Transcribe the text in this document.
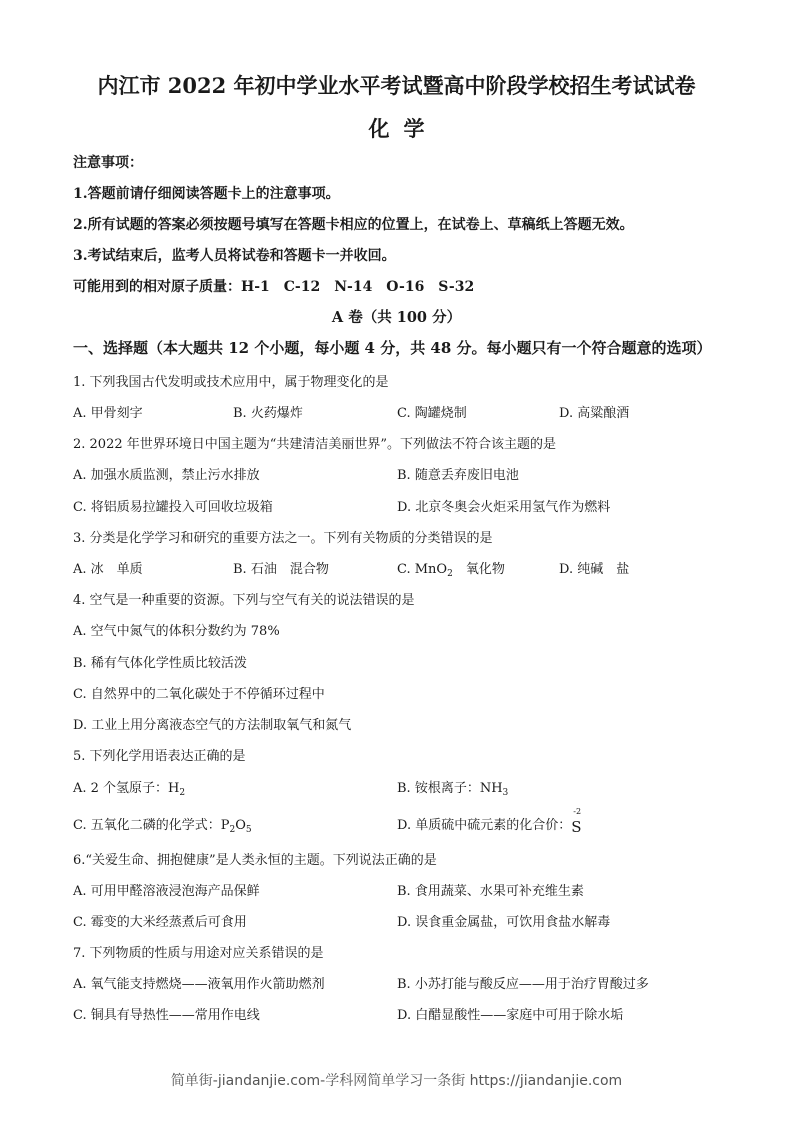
内江市 2022 年初中学业水平考试暨高中阶段学校招生考试试卷
化学
注意事项：
1.答题前请仔细阅读答题卡上的注意事项。
2.所有试题的答案必须按题号填写在答题卡相应的位置上，在试卷上、草稿纸上答题无效。
3.考试结束后，监考人员将试卷和答题卡一并收回。
可能用到的相对原子质量：H-1　C-12　N-14　O-16　S-32
A 卷（共 100 分）
一、选择题（本大题共 12 个小题，每小题 4 分，共 48 分。每小题只有一个符合题意的选项）
1. 下列我国古代发明或技术应用中，属于物理变化的是
A. 甲骨刻字	B. 火药爆炸	C. 陶罐烧制	D. 高粱酿酒
2. 2022 年世界环境日中国主题为“共建清洁美丽世界”。下列做法不符合该主题的是
A. 加强水质监测，禁止污水排放	B. 随意丢弃废旧电池
C. 将铝质易拉罐投入可回收垃圾箱	D. 北京冬奥会火炬采用氢气作为燃料
3. 分类是化学学习和研究的重要方法之一。下列有关物质的分类错误的是
A. 冰　单质	B. 石油　混合物	C. MnO$_2$　氧化物	D. 纯碱　盐
4. 空气是一种重要的资源。下列与空气有关的说法错误的是
A. 空气中氮气的体积分数约为 78%
B. 稀有气体化学性质比较活泼
C. 自然界中的二氧化碳处于不停循环过程中
D. 工业上用分离液态空气的方法制取氧气和氮气
5. 下列化学用语表达正确的是
A. 2 个氢原子：$H_2$	B. 铵根离子：$NH_3$
C. 五氧化二磷的化学式：$P_2O_5$	D. 单质硫中硫元素的化合价：
-2
S
6.“关爱生命、拥抱健康”是人类永恒的主题。下列说法正确的是
A. 可用甲醛溶液浸泡海产品保鲜	B. 食用蔬菜、水果可补充维生素
C. 霉变的大米经蒸煮后可食用	D. 误食重金属盐，可饮用食盐水解毒
7. 下列物质的性质与用途对应关系错误的是
A. 氧气能支持燃烧——液氧用作火箭助燃剂	B. 小苏打能与酸反应——用于治疗胃酸过多
C. 铜具有导热性——常用作电线	D. 白醋显酸性——家庭中可用于除水垢
简单街-jiandanjie.com-学科网简单学习一条街 https://jiandanjie.com
